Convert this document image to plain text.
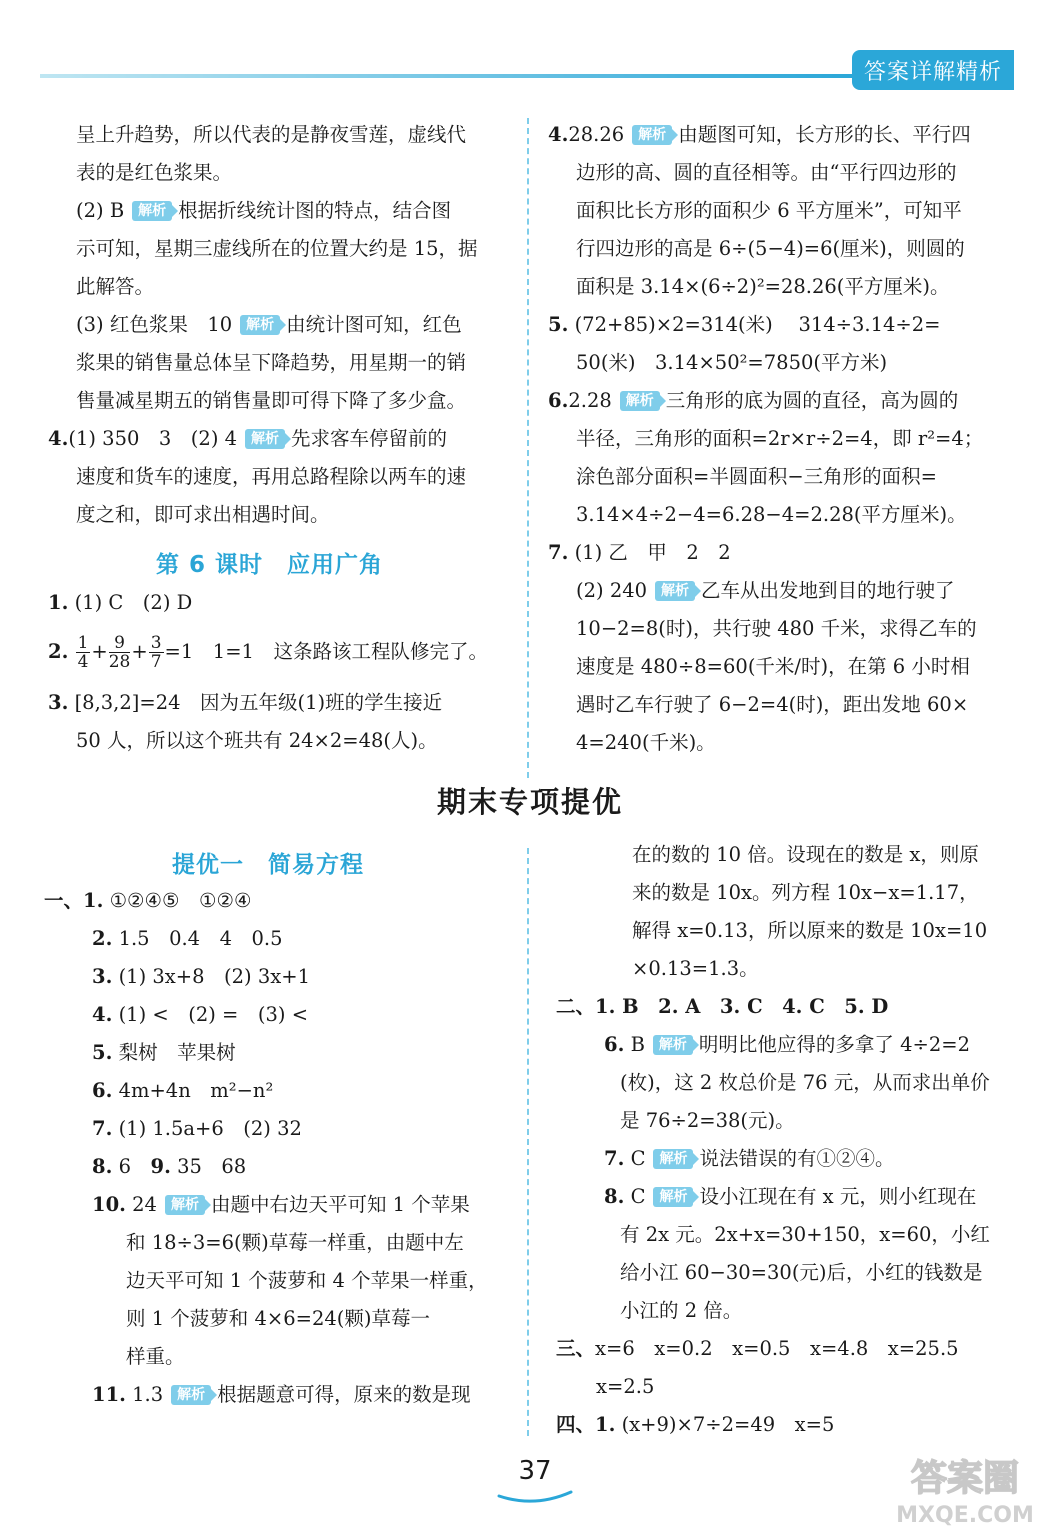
答案详解精析
呈上升趋势，所以代表的是静夜雪莲，虚线代
表的是红色浆果。
(2) B 解析 根据折线统计图的特点，结合图
示可知，星期三虚线所在的位置大约是 15，据
此解答。
(3) 红色浆果　10 解析 由统计图可知，红色
浆果的销售量总体呈下降趋势，用星期一的销
售量减星期五的销售量即可得下降了多少盒。
4.(1) 350　3　(2) 4 解析 先求客车停留前的
速度和货车的速度，再用总路程除以两车的速
度之和，即可求出相遇时间。
第 6 课时　应用广角
1. (1) C　(2) D
2. $\frac{1}{4} + \frac{9}{28} + \frac{3}{7} =1$　1=1　这条路该工程队修完了。
3. [8,3,2]=24　因为五年级(1)班的学生接近
50 人，所以这个班共有 24×2=48(人)。
4.28.26 解析 由题图可知，长方形的长、平行四
边形的高、圆的直径相等。由“平行四边形的
面积比长方形的面积少 6 平方厘米”，可知平
行四边形的高是 6÷(5−4)=6(厘米)，则圆的
面积是 3.14×(6÷2)²=28.26(平方厘米)。
5. (72+85)×2=314(米)　 314÷3.14÷2=
50(米)　3.14×50²=7850(平方米)
6.2.28 解析 三角形的底为圆的直径，高为圆的
半径，三角形的面积=2r×r÷2=4，即 r²=4；
涂色部分面积=半圆面积−三角形的面积=
3.14×4÷2−4=6.28−4=2.28(平方厘米)。
7. (1) 乙　甲　2　2
(2) 240 解析 乙车从出发地到目的地行驶了
10−2=8(时)，共行驶 480 千米，求得乙车的
速度是 480÷8=60(千米/时)，在第 6 小时相
遇时乙车行驶了 6−2=4(时)，距出发地 60×
4=240(千米)。
期末专项提优
提优一　简易方程
一、1. ①②④⑤　①②④
2. 1.5　0.4　4　0.5
3. (1) 3x+8　(2) 3x+1
4. (1) <　(2) =　(3) <
5. 梨树　苹果树
6. 4m+4n　m²−n²
7. (1) 1.5a+6　(2) 32
8. 6　 9. 35　68
10. 24 解析 由题中右边天平可知 1 个苹果
和 18÷3=6(颗)草莓一样重，由题中左
边天平可知 1 个菠萝和 4 个苹果一样重，
则 1 个菠萝和 4×6=24(颗)草莓一
样重。
11. 1.3 解析 根据题意可得，原来的数是现
在的数的 10 倍。设现在的数是 x，则原
来的数是 10x。列方程 10x−x=1.17，
解得 x=0.13，所以原来的数是 10x=10
×0.13=1.3。
二、1. B　2. A　3. C　4. C　5. D
6. B 解析 明明比他应得的多拿了 4÷2=2
(枚)，这 2 枚总价是 76 元，从而求出单价
是 76÷2=38(元)。
7. C 解析 说法错误的有①②④。
8. C 解析 设小江现在有 x 元，则小红现在
有 2x 元。2x+x=30+150，x=60，小红
给小江 60−30=30(元)后，小红的钱数是
小江的 2 倍。
三、x=6　x=0.2　x=0.5　x=4.8　x=25.5
x=2.5
四、1. (x+9)×7÷2=49　x=5
37	答案圈
MXQE.COM
